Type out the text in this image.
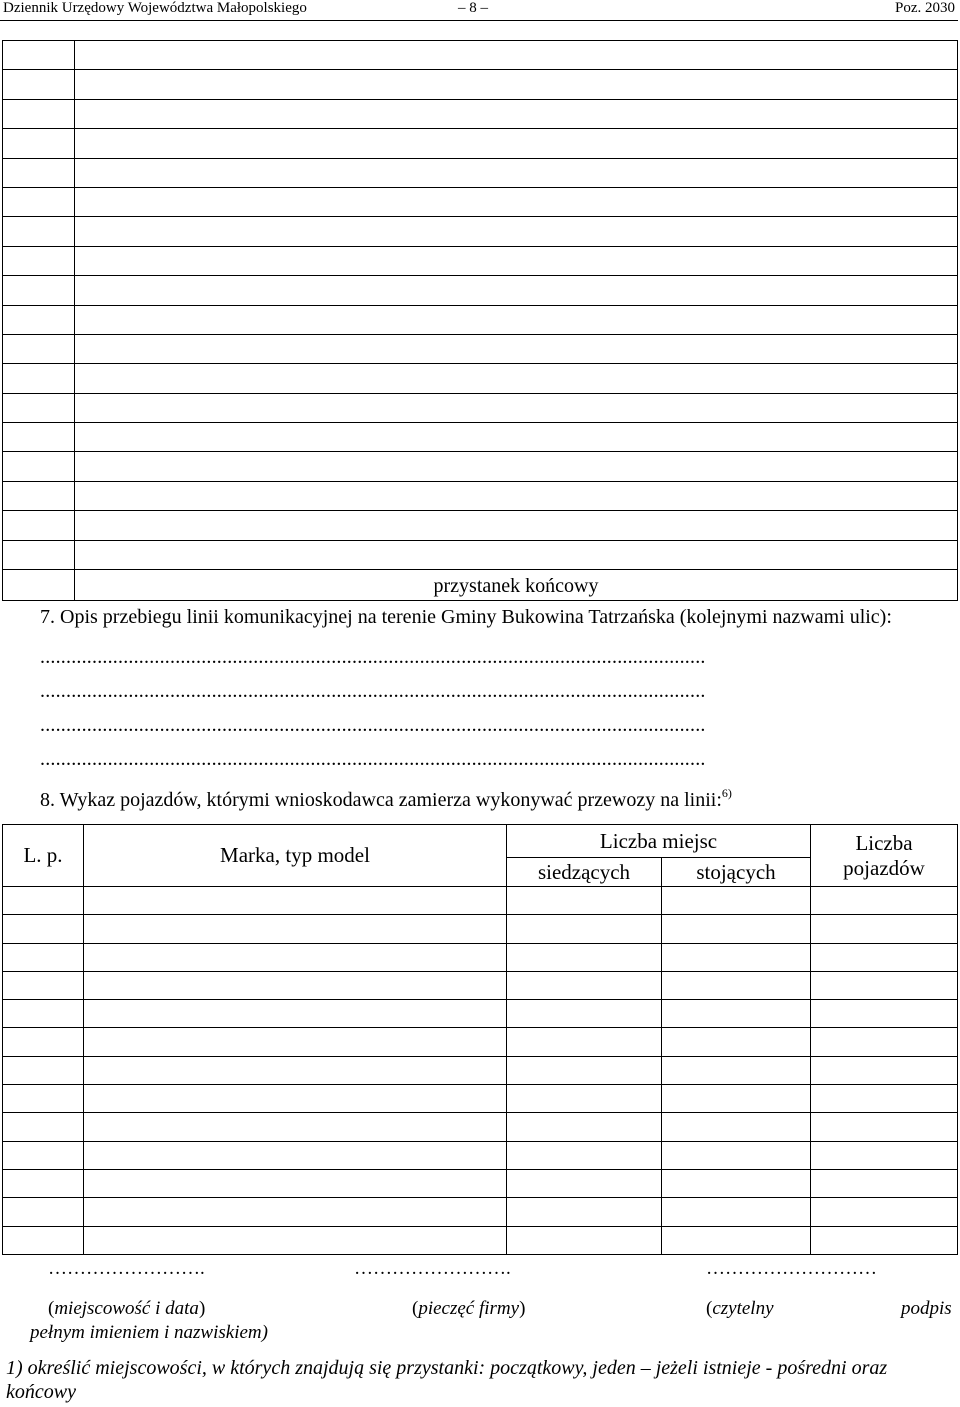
Dziennik Urzędowy Województwa Małopolskiego	– 8 –	Poz. 2030

	przystanek końcowy
7. Opis przebiegu linii komunikacyjnej na terenie Gminy Bukowina Tatrzańska (kolejnymi nazwami ulic):
................................................................................................................................
................................................................................................................................
................................................................................................................................
................................................................................................................................
8. Wykaz pojazdów, którymi wnioskodawca zamierza wykonywać przewozy na linii:$^{6)}$
L. p.	Marka, typ model	Liczba miejsc		Liczba
pojazdów

		siedzących	stojących	

…………………….	…………………….	………………………
(miejscowość i data)	(pieczęć firmy)	(czytelny	podpis
pełnym imieniem i nazwiskiem)
1) określić miejscowości, w których znajdują się przystanki: początkowy, jeden – jeżeli istnieje - pośredni oraz końcowy
